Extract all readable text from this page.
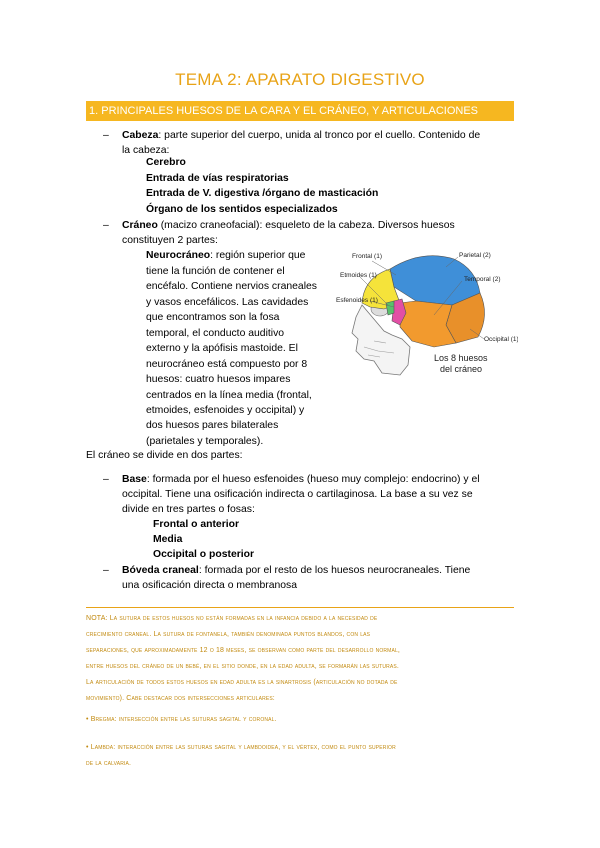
TEMA 2: APARATO DIGESTIVO
1. PRINCIPALES HUESOS DE LA CARA Y EL CRÁNEO, Y ARTICULACIONES
– Cabeza: parte superior del cuerpo, unida al tronco por el cuello. Contenido de
la cabeza:
Cerebro
Entrada de vías respiratorias
Entrada de V. digestiva /órgano de masticación
Órgano de los sentidos especializados
– Cráneo (macizo craneofacial): esqueleto de la cabeza. Diversos huesos
constituyen 2 partes:
Neurocráneo: región superior que
tiene la función de contener el
encéfalo. Contiene nervios craneales
y vasos encefálicos. Las cavidades
que encontramos son la fosa
temporal, el conducto auditivo
externo y la apófisis mastoide. El
neurocráneo está compuesto por 8
huesos: cuatro huesos impares
centrados en la línea media (frontal,
etmoides, esfenoides y occipital) y
dos huesos pares bilaterales
(parietales y temporales).
Frontal (1)	Parietal (2)
Etmoides (1)
Temporal (2)
Esfenoides (1)
Occipital (1)
Los 8 huesos
del cráneo
El cráneo se divide en dos partes:
– Base: formada por el hueso esfenoides (hueso muy complejo: endocrino) y el
occipital. Tiene una osificación indirecta o cartilaginosa. La base a su vez se
divide en tres partes o fosas:
Frontal o anterior
Media
Occipital o posterior
– Bóveda craneal: formada por el resto de los huesos neurocraneales. Tiene
una osificación directa o membranosa
NOTA: La sutura de estos huesos no están formadas en la infancia debido a la necesidad de
crecimiento craneal. La sutura de fontanela, también denominada puntos blandos, con las
separaciones, que aproximadamente 12 o 18 meses, se observan como parte del desarrollo normal,
entre huesos del cráneo de un bebé, en el sitio donde, en la edad adulta, se formarán las suturas.
La articulación de todos estos huesos en edad adulta es la sinartrosis (articulación no dotada de
movimiento). Cabe destacar dos intersecciones articulares:
• Bregma: intersección entre las suturas sagital y coronal.
• Lambda: interacción entre las suturas sagital y lambdoidea, y el vértex, como el punto superior
de la calvaria.
